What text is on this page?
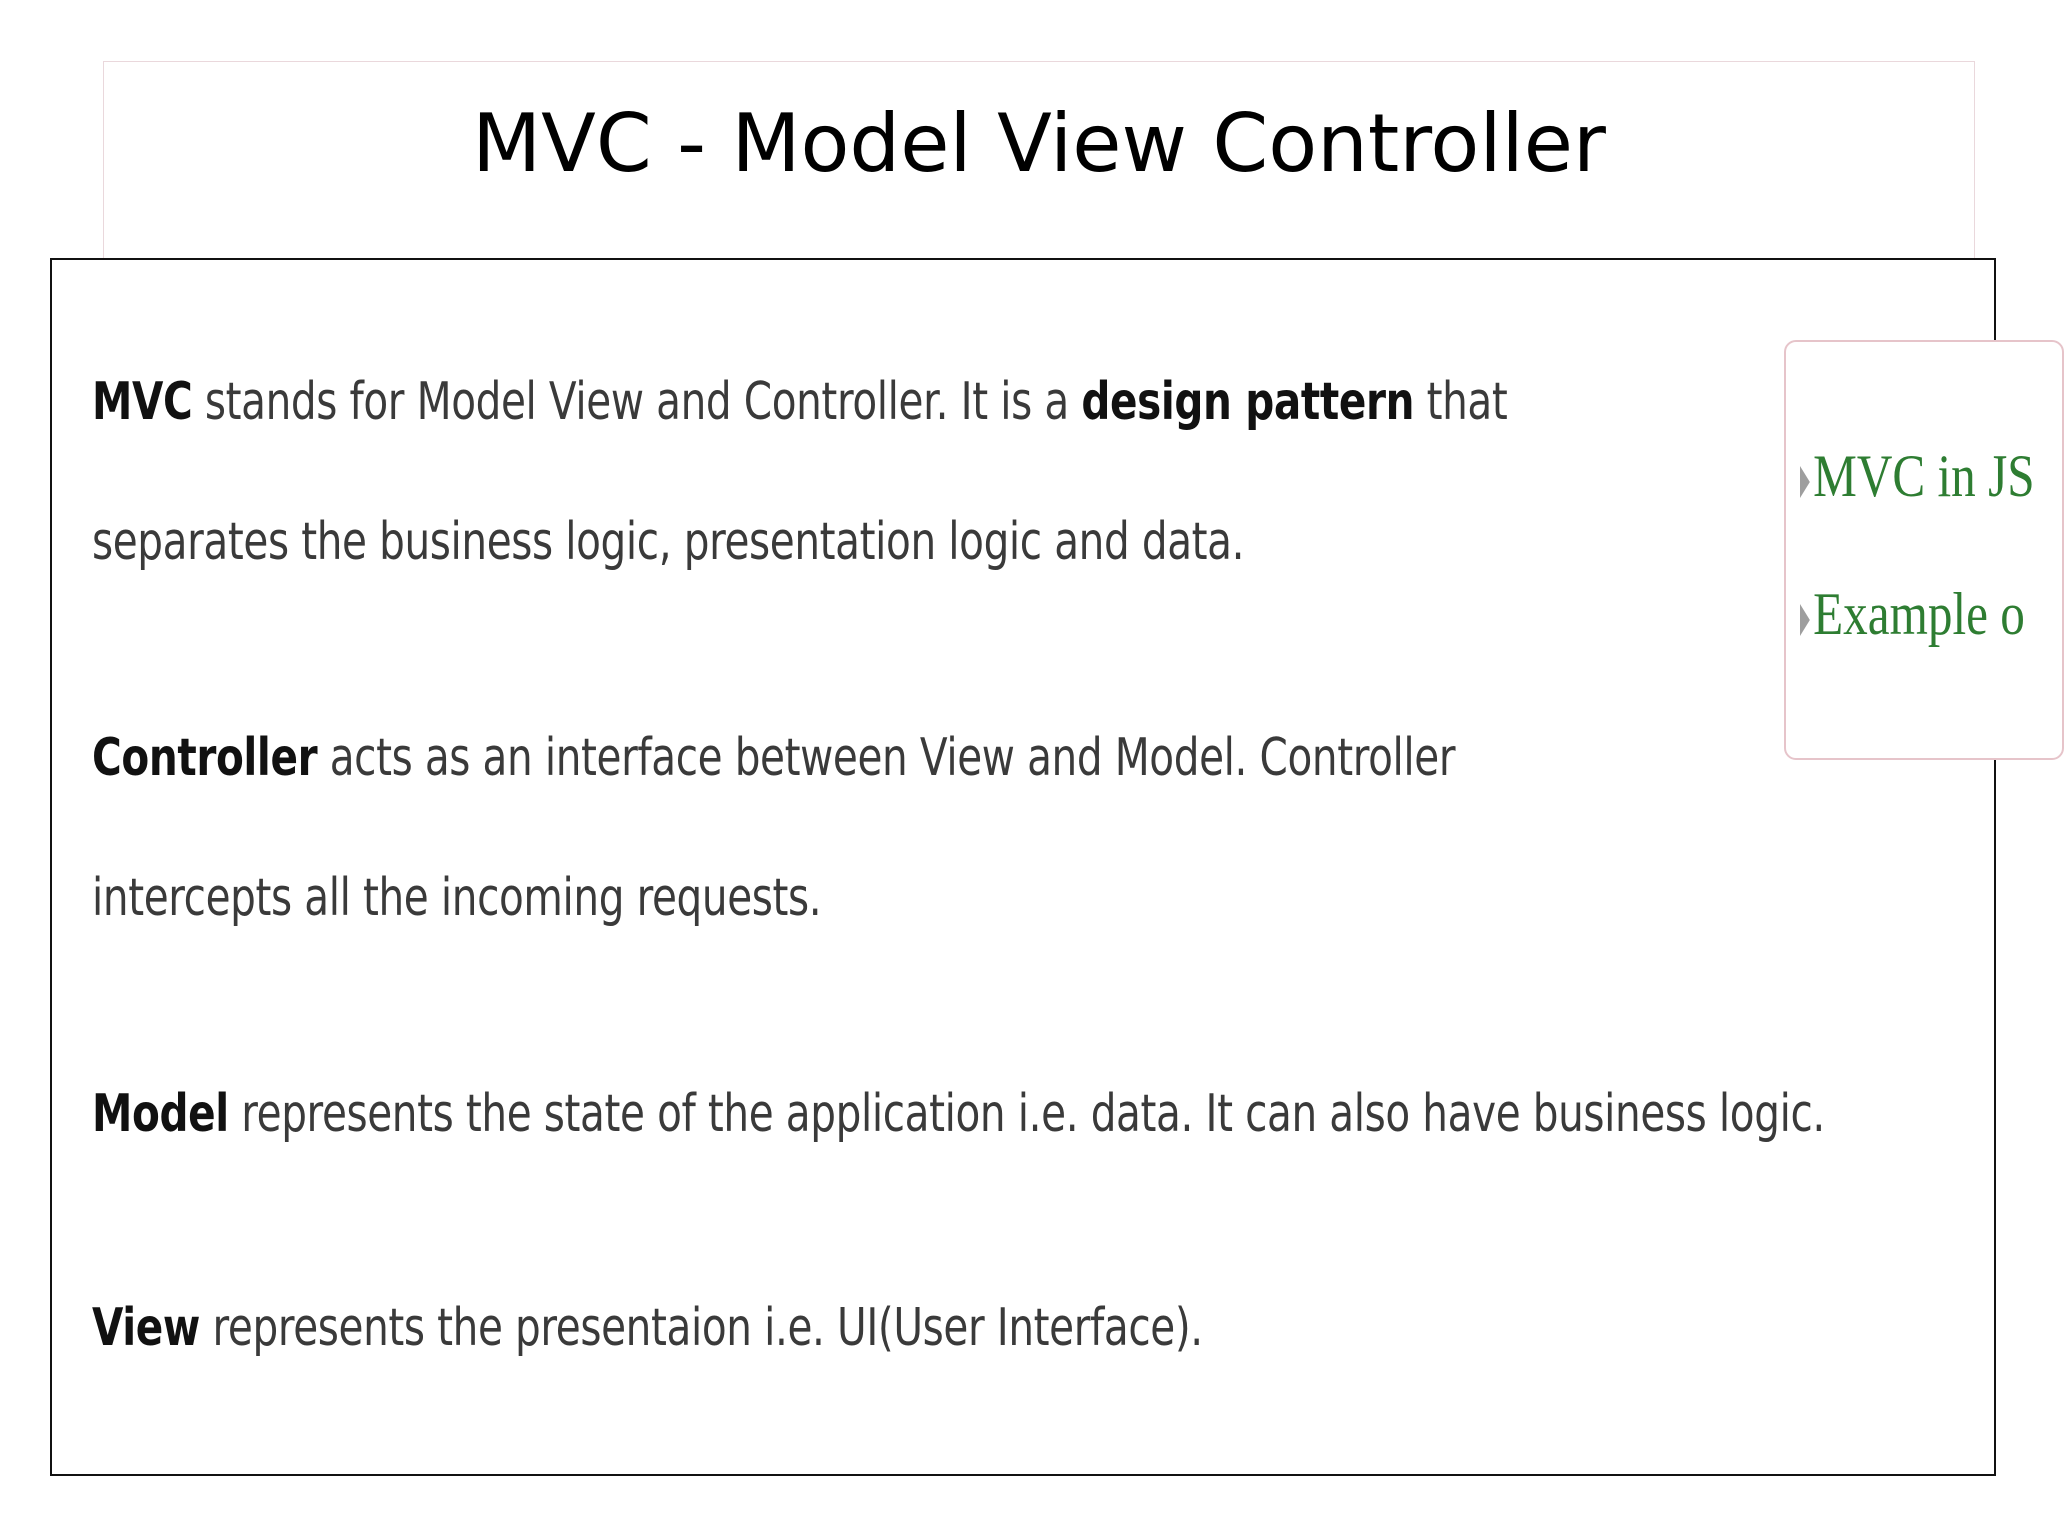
MVC - Model View Controller

MVC stands for Model View and Controller. It is a design pattern that
separates the business logic, presentation logic and data.

Controller acts as an interface between View and Model. Controller
intercepts all the incoming requests.

Model represents the state of the application i.e. data. It can also have business logic.

View represents the presentaion i.e. UI(User Interface).

MVC in JS
Example o
